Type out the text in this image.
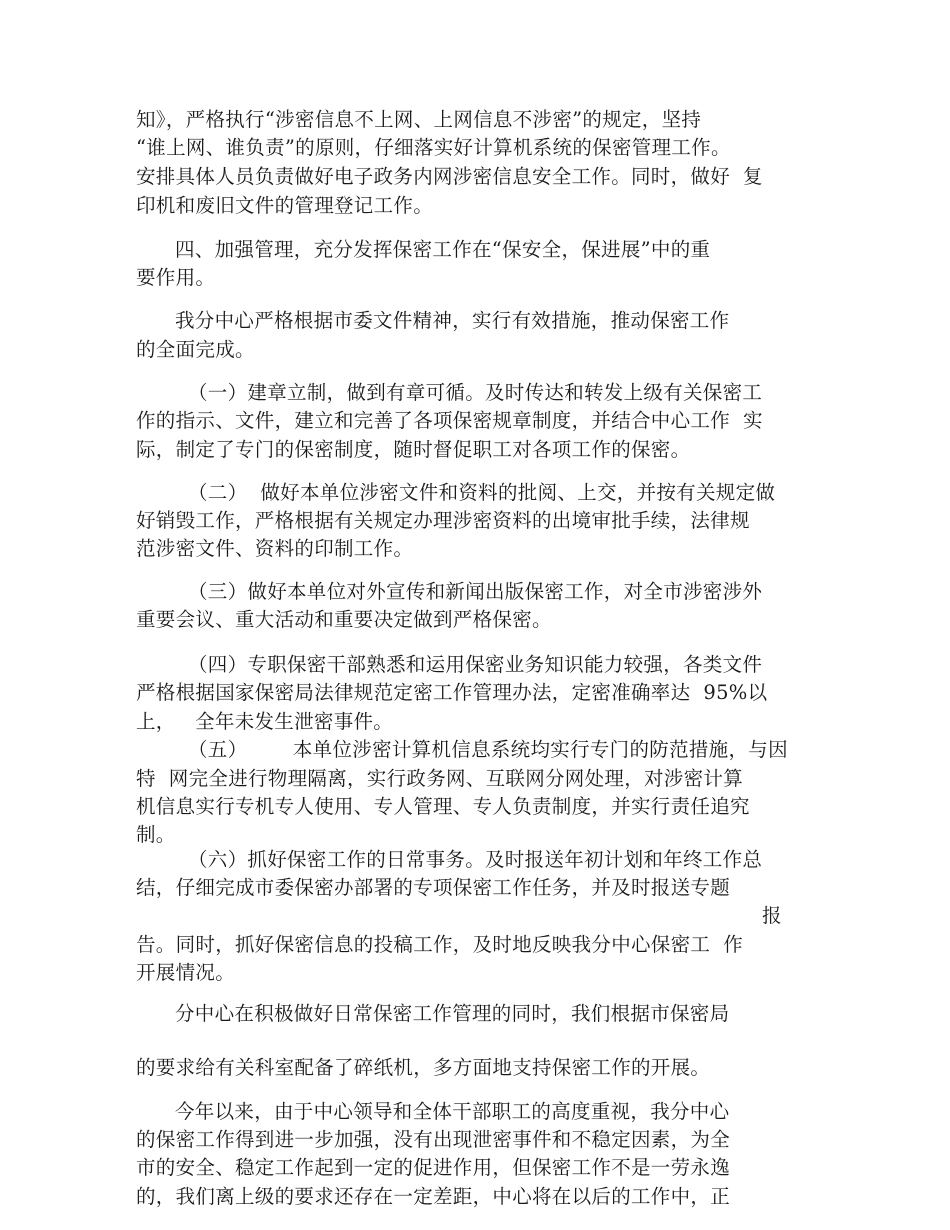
知》，严格执行“涉密信息不上网、上网信息不涉密”的规定，坚持
“谁上网、谁负责”的原则，仔细落实好计算机系统的保密管理工作。
安排具体人员负责做好电子政务内网涉密信息安全工作。同时，做好  复
印机和废旧文件的管理登记工作。
四、加强管理，充分发挥保密工作在“保安全，保进展”中的重
要作用。
我分中心严格根据市委文件精神，实行有效措施，推动保密工作
的全面完成。
（一）建章立制，做到有章可循。及时传达和转发上级有关保密工
作的指示、文件，建立和完善了各项保密规章制度，并结合中心工作  实
际，制定了专门的保密制度，随时督促职工对各项工作的保密。
（二）  做好本单位涉密文件和资料的批阅、上交，并按有关规定做
好销毁工作，严格根据有关规定办理涉密资料的出境审批手续，法律规
范涉密文件、资料的印制工作。
（三）做好本单位对外宣传和新闻出版保密工作，对全市涉密涉外
重要会议、重大活动和重要决定做到严格保密。
（四）专职保密干部熟悉和运用保密业务知识能力较强，各类文件
严格根据国家保密局法律规范定密工作管理办法，定密准确率达  95%以
上，   全年未发生泄密事件。
（五）       本单位涉密计算机信息系统均实行专门的防范措施，与因
特  网完全进行物理隔离，实行政务网、互联网分网处理，对涉密计算
机信息实行专机专人使用、专人管理、专人负责制度，并实行责任追究
制。
（六）抓好保密工作的日常事务。及时报送年初计划和年终工作总
结，仔细完成市委保密办部署的专项保密工作任务，并及时报送专题
报
告。同时，抓好保密信息的投稿工作，及时地反映我分中心保密工  作
开展情况。
分中心在积极做好日常保密工作管理的同时，我们根据市保密局
的要求给有关科室配备了碎纸机，多方面地支持保密工作的开展。
今年以来，由于中心领导和全体干部职工的高度重视，我分中心
的保密工作得到进一步加强，没有出现泄密事件和不稳定因素，为全
市的安全、稳定工作起到一定的促进作用，但保密工作不是一劳永逸
的，我们离上级的要求还存在一定差距，中心将在以后的工作中，正
